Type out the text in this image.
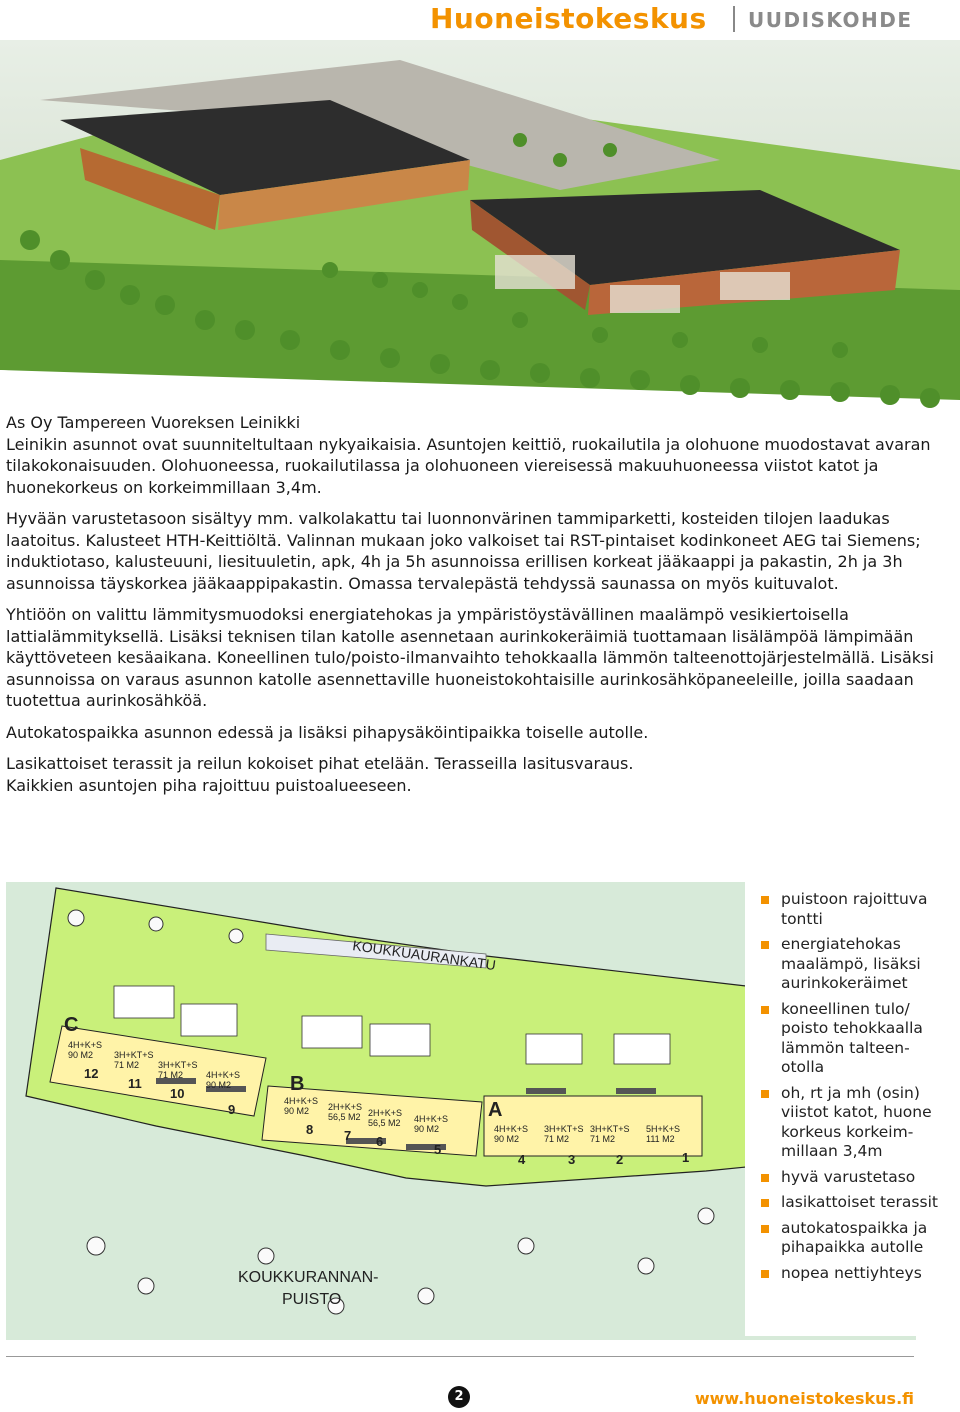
Huoneistokeskus UUDISKOHDE

As Oy Tampereen Vuoreksen Leinikki

Leinikin asunnot ovat suunniteltultaan nykyaikaisia. Asuntojen keittiö, ruokailutila ja olohuone muodostavat avaran tilakokonaisuuden. Olohuoneessa, ruokailutilassa ja olohuoneen viereisessä makuuhuoneessa viistot katot ja huonekorkeus on korkeimmillaan 3,4m.

Hyvään varustetasoon sisältyy mm. valkolakattu tai luonnonvärinen tammiparketti, kosteiden tilojen laadukas laatoitus. Kalusteet HTH-Keittiöltä. Valinnan mukaan joko valkoiset tai RST-pintaiset kodinkoneet AEG tai Siemens; induktiotaso, kalusteuuni, liesituuletin, apk, 4h ja 5h asunnoissa erillisen korkeat jääkaappi ja pakastin, 2h ja 3h asunnoissa täyskorkea jääkaappipakastin. Omassa tervalepästä tehdyssä saunassa on myös kuituvalot.

Yhtiöön on valittu lämmitysmuodoksi energiatehokas ja ympäristöystävällinen maalämpö vesikiertoisella lattialämmityksellä. Lisäksi teknisen tilan katolle asennetaan aurinkokeräimiä tuottamaan lisälämpöä lämpimään käyttöveteen kesäaikana. Koneellinen tulo/poisto-ilmanvaihto tehokkaalla lämmön talteenottojärjestelmällä. Lisäksi asunnoissa on varaus asunnon katolle asennettaville huoneistokohtaisille aurinkosähköpaneeleille, joilla saadaan tuotettua aurinkosähköä.

Autokatospaikka asunnon edessä ja lisäksi pihapysäköintipaikka toiselle autolle.

Lasikattoiset terassit ja reilun kokoiset pihat etelään. Terasseilla lasitusvaraus.

Kaikkien asuntojen piha rajoittuu puistoalueeseen.

KOUKKUAURANKATU
C
B
A
4H+K+S
90 M2
12
3H+KT+S
71 M2
11
3H+KT+S
71 M2
10
4H+K+S
90 M2
9
4H+K+S
90 M2
8
2H+K+S
56,5 M2
7
2H+K+S
56,5 M2
6
4H+K+S
90 M2
5
4H+K+S
90 M2
4
3H+KT+S
71 M2
3
3H+KT+S
71 M2
2
5H+K+S
111 M2
1
KOUKKURANNAN-
PUISTO
puistoon rajoittuva tontti
energiatehokas maalämpö, lisäksi aurinkokeräimet
koneellinen tulo/ poisto tehokkaalla lämmön talteen-otolla
oh, rt ja mh (osin) viistot katot, huone korkeus korkeim-millaan 3,4m
hyvä varustetaso
lasikattoiset terassit
autokatospaikka ja pihapaikka autolle
nopea nettiyhteys
2	www.huoneistokeskus.fi
